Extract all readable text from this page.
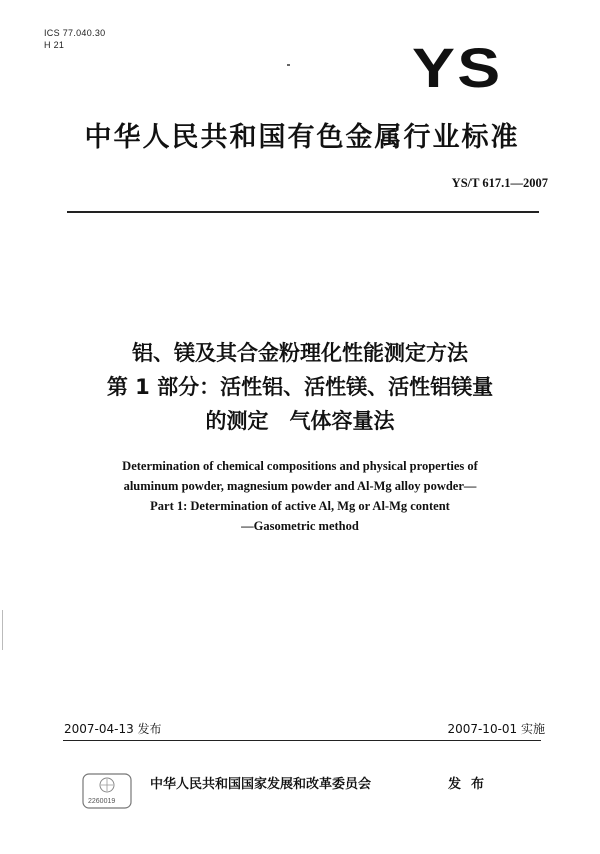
ICS 77.040.30
H 21	YS
中华人民共和国有色金属行业标准
YS/T 617.1—2007
铝、镁及其合金粉理化性能测定方法
第 1 部分：活性铝、活性镁、活性铝镁量
的测定　气体容量法
Determination of chemical compositions and physical properties of
aluminum powder, magnesium powder and Al-Mg alloy powder—
Part 1: Determination of active Al, Mg or Al-Mg content
—Gasometric method
2007-04-13 发布	2007-10-01 实施
2260019
中华人民共和国国家发展和改革委员会	发布
